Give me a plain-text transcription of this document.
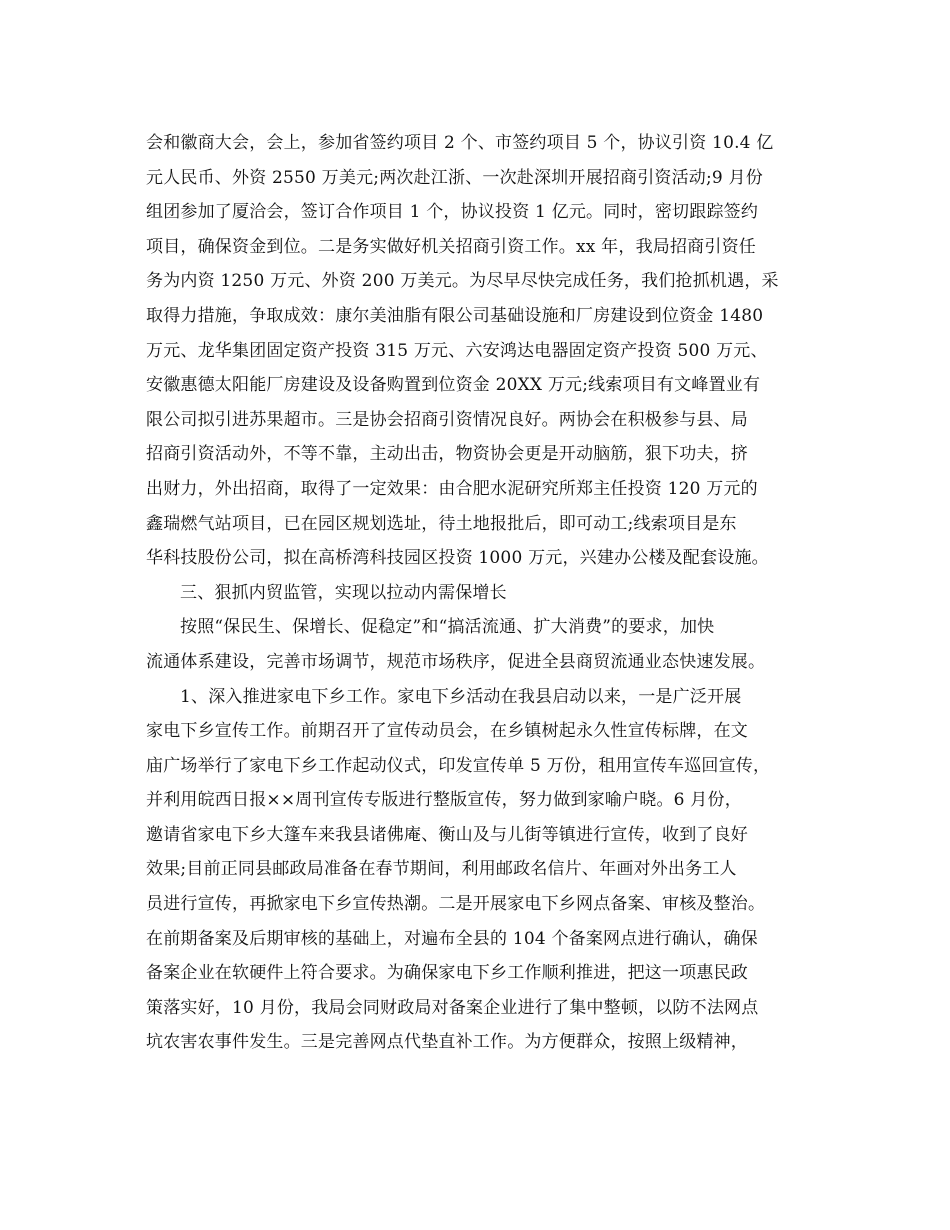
会和徽商大会，会上，参加省签约项目 2 个、市签约项目 5 个，协议引资 10.4 亿
元人民币、外资 2550 万美元;两次赴江浙、一次赴深圳开展招商引资活动;9 月份
组团参加了厦洽会，签订合作项目 1 个，协议投资 1 亿元。同时，密切跟踪签约
项目，确保资金到位。二是务实做好机关招商引资工作。xx 年，我局招商引资任
务为内资 1250 万元、外资 200 万美元。为尽早尽快完成任务，我们抢抓机遇，采
取得力措施，争取成效：康尔美油脂有限公司基础设施和厂房建设到位资金 1480
万元、龙华集团固定资产投资 315 万元、六安鸿达电器固定资产投资 500 万元、
安徽惠德太阳能厂房建设及设备购置到位资金 20XX 万元;线索项目有文峰置业有
限公司拟引进苏果超市。三是协会招商引资情况良好。两协会在积极参与县、局
招商引资活动外，不等不靠，主动出击，物资协会更是开动脑筋，狠下功夫，挤
出财力，外出招商，取得了一定效果：由合肥水泥研究所郑主任投资 120 万元的
鑫瑞燃气站项目，已在园区规划选址，待土地报批后，即可动工;线索项目是东
华科技股份公司，拟在高桥湾科技园区投资 1000 万元，兴建办公楼及配套设施。
三、狠抓内贸监管，实现以拉动内需保增长
按照“保民生、保增长、促稳定”和“搞活流通、扩大消费”的要求，加快
流通体系建设，完善市场调节，规范市场秩序，促进全县商贸流通业态快速发展。
1、深入推进家电下乡工作。家电下乡活动在我县启动以来，一是广泛开展
家电下乡宣传工作。前期召开了宣传动员会，在乡镇树起永久性宣传标牌，在文
庙广场举行了家电下乡工作起动仪式，印发宣传单 5 万份，租用宣传车巡回宣传，
并利用皖西日报××周刊宣传专版进行整版宣传，努力做到家喻户晓。6 月份，
邀请省家电下乡大篷车来我县诸佛庵、衡山及与儿街等镇进行宣传，收到了良好
效果;目前正同县邮政局准备在春节期间，利用邮政名信片、年画对外出务工人
员进行宣传，再掀家电下乡宣传热潮。二是开展家电下乡网点备案、审核及整治。
在前期备案及后期审核的基础上，对遍布全县的 104 个备案网点进行确认，确保
备案企业在软硬件上符合要求。为确保家电下乡工作顺利推进，把这一项惠民政
策落实好，10 月份，我局会同财政局对备案企业进行了集中整顿，以防不法网点
坑农害农事件发生。三是完善网点代垫直补工作。为方便群众，按照上级精神，
